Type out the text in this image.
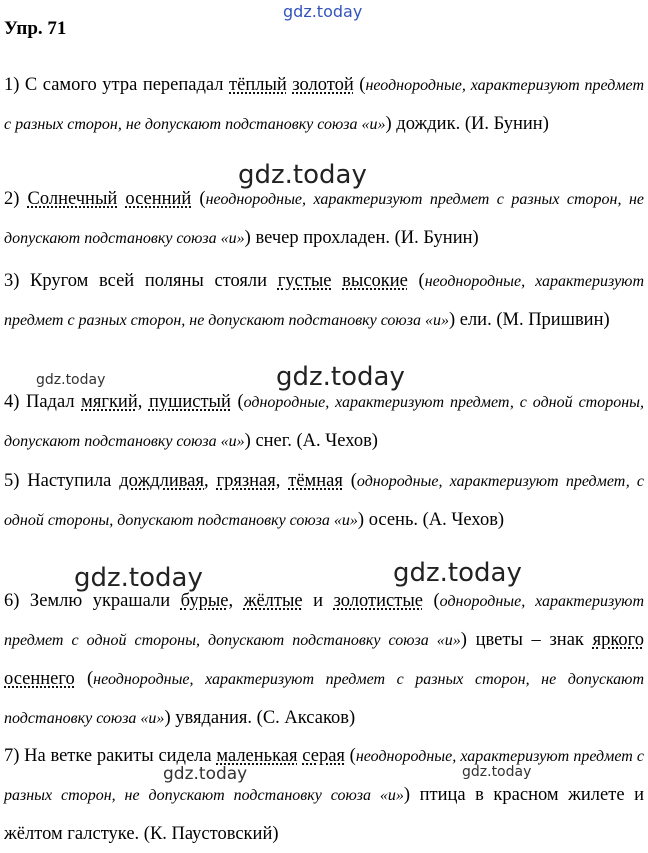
gdz.today
Упр. 71
1) С самого утра перепадал тёплый золотой (неоднородные, характеризуют предмет с разных сторон, не допускают подстановку союза «и») дождик. (И. Бунин)
2) Солнечный осенний (неоднородные, характеризуют предмет с разных сторон, не допускают подстановку союза «и») вечер прохладен. (И. Бунин)
3) Кругом всей поляны стояли густые высокие (неоднородные, характеризуют предмет с разных сторон, не допускают подстановку союза «и») ели. (М. Пришвин)
4) Падал мягкий, пушистый (однородные, характеризуют предмет, с одной стороны, допускают подстановку союза «и») снег. (А. Чехов)
5) Наступила дождливая, грязная, тёмная (однородные, характеризуют предмет, с одной стороны, допускают подстановку союза «и») осень. (А. Чехов)
6) Землю украшали бурые, жёлтые и золотистые (однородные, характеризуют предмет с одной стороны, допускают подстановку союза «и») цветы – знак яркого осеннего (неоднородные, характеризуют предмет с разных сторон, не допускают подстановку союза «и») увядания. (С. Аксаков)
7) На ветке ракиты сидела маленькая серая (неоднородные, характеризуют предмет с разных сторон, не допускают подстановку союза «и») птица в красном жилете и жёлтом галстуке. (К. Паустовский)
gdz.today
gdz.today	gdz.today
gdz.today	gdz.today
gdz.today	gdz.today
